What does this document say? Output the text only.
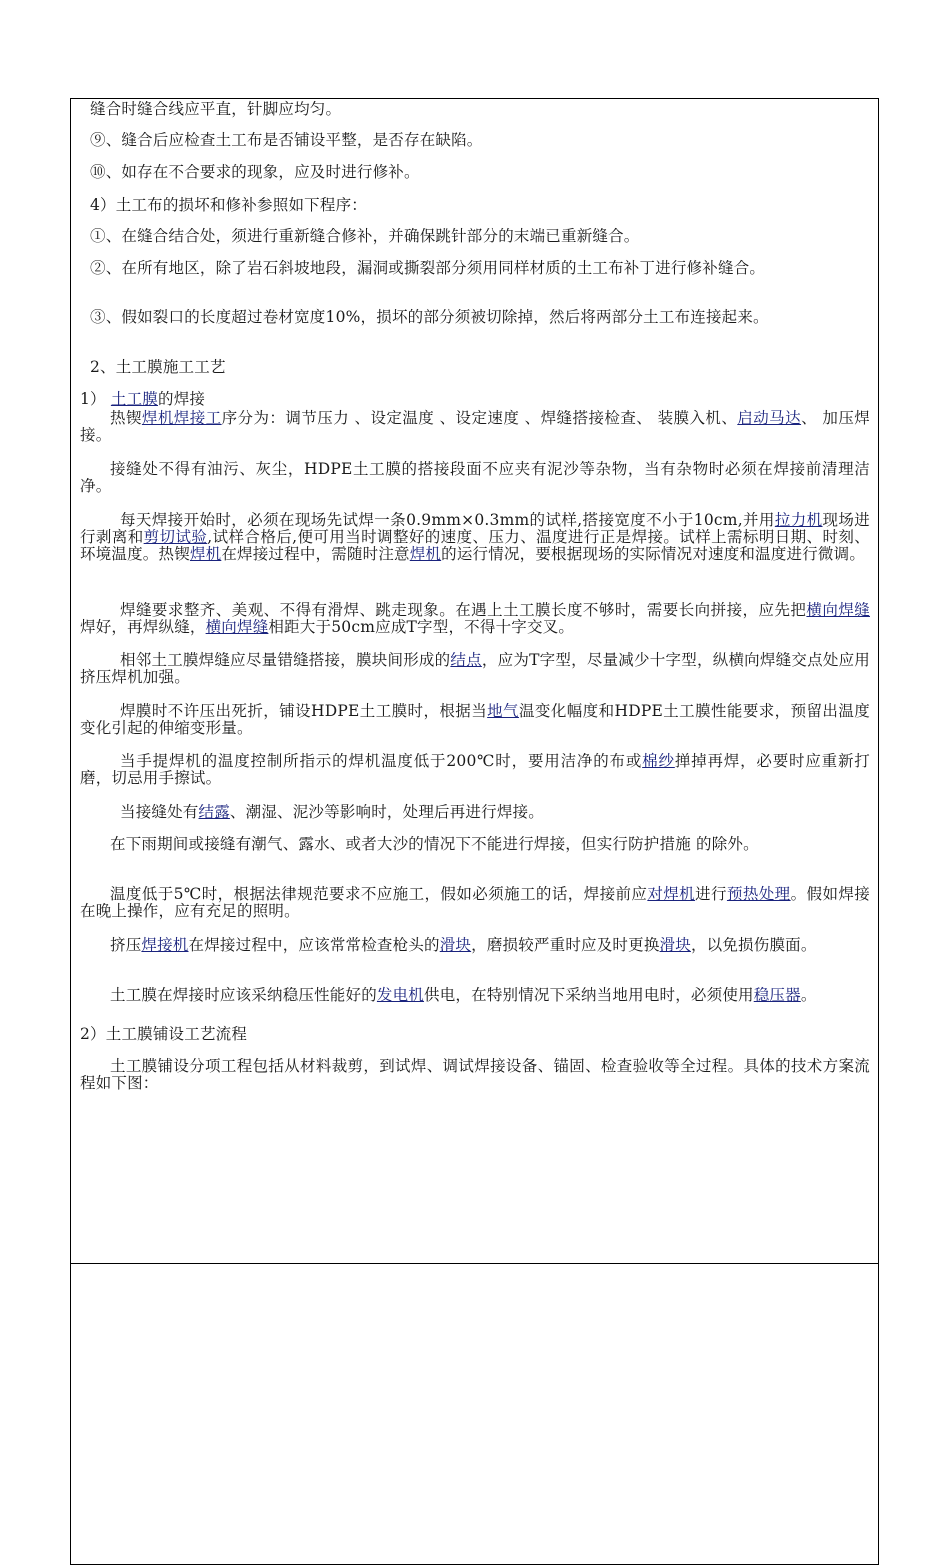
缝合时缝合线应平直，针脚应均匀。
⑨、缝合后应检查土工布是否铺设平整，是否存在缺陷。
⑩、如存在不合要求的现象，应及时进行修补。
4）土工布的损坏和修补参照如下程序：
①、在缝合结合处，须进行重新缝合修补，并确保跳针部分的末端已重新缝合。
②、在所有地区，除了岩石斜坡地段，漏洞或撕裂部分须用同样材质的土工布补丁进行修补缝合。
③、假如裂口的长度超过卷材宽度10%，损坏的部分须被切除掉，然后将两部分土工布连接起来。
2、土工膜施工工艺
1） 土工膜的焊接
热锲焊机焊接工序分为：调节压力 、设定温度 、设定速度 、焊缝搭接检查、 装膜入机、启动马达、 加压焊接。
接缝处不得有油污、灰尘，HDPE土工膜的搭接段面不应夹有泥沙等杂物，当有杂物时必须在焊接前清理洁净。
每天焊接开始时，必须在现场先试焊一条0.9mm×0.3mm的试样,搭接宽度不小于10cm,并用拉力机现场进行剥离和剪切试验,试样合格后,便可用当时调整好的速度、压力、温度进行正是焊接。试样上需标明日期、时刻、环境温度。热锲焊机在焊接过程中，需随时注意焊机的运行情况，要根据现场的实际情况对速度和温度进行微调。
焊缝要求整齐、美观、不得有滑焊、跳走现象。在遇上土工膜长度不够时，需要长向拼接，应先把横向焊缝焊好，再焊纵缝，横向焊缝相距大于50cm应成T字型，不得十字交叉。
相邻土工膜焊缝应尽量错缝搭接，膜块间形成的结点，应为T字型，尽量减少十字型，纵横向焊缝交点处应用挤压焊机加强。
焊膜时不许压出死折，铺设HDPE土工膜时，根据当地气温变化幅度和HDPE土工膜性能要求，预留出温度变化引起的伸缩变形量。
当手提焊机的温度控制所指示的焊机温度低于200℃时，要用洁净的布或棉纱掸掉再焊，必要时应重新打磨，切忌用手擦试。
当接缝处有结露、潮湿、泥沙等影响时，处理后再进行焊接。
在下雨期间或接缝有潮气、露水、或者大沙的情况下不能进行焊接，但实行防护措施 的除外。
温度低于5℃时，根据法律规范要求不应施工，假如必须施工的话，焊接前应对焊机进行预热处理。假如焊接在晚上操作，应有充足的照明。
挤压焊接机在焊接过程中，应该常常检查枪头的滑块，磨损较严重时应及时更换滑块，以免损伤膜面。
土工膜在焊接时应该采纳稳压性能好的发电机供电，在特别情况下采纳当地用电时，必须使用稳压器。
2）土工膜铺设工艺流程
土工膜铺设分项工程包括从材料裁剪，到试焊、调试焊接设备、锚固、检查验收等全过程。具体的技术方案流程如下图：
